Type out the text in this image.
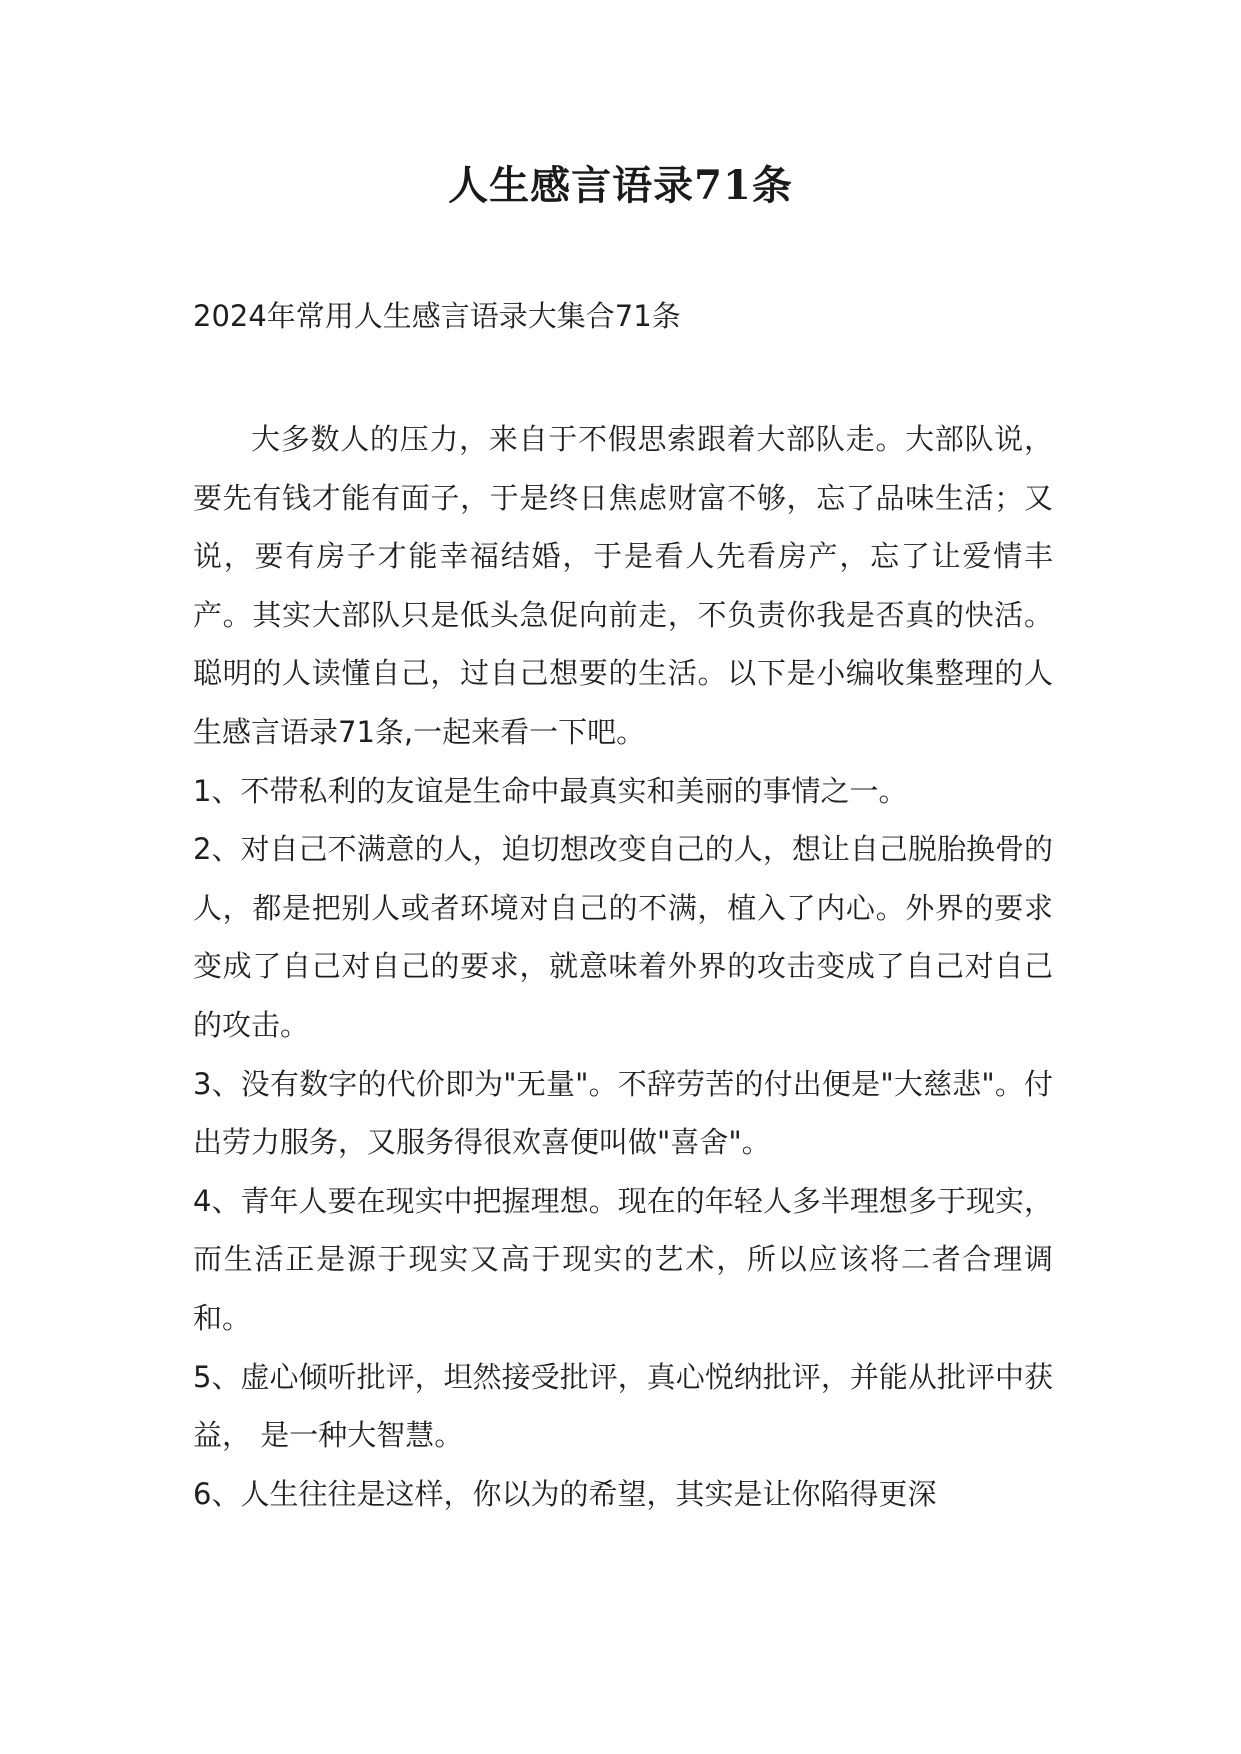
人生感言语录71条

2024年常用人生感言语录大集合71条

大多数人的压力，来自于不假思索跟着大部队走。大部队说，要先有钱才能有面子，于是终日焦虑财富不够，忘了品味生活；又说，要有房子才能幸福结婚，于是看人先看房产，忘了让爱情丰产。其实大部队只是低头急促向前走，不负责你我是否真的快活。聪明的人读懂自己，过自己想要的生活。以下是小编收集整理的人生感言语录71条,一起来看一下吧。

1、不带私利的友谊是生命中最真实和美丽的事情之一。

2、对自己不满意的人，迫切想改变自己的人，想让自己脱胎换骨的人，都是把别人或者环境对自己的不满，植入了内心。外界的要求变成了自己对自己的要求，就意味着外界的攻击变成了自己对自己的攻击。

3、没有数字的代价即为"无量"。不辞劳苦的付出便是"大慈悲"。付出劳力服务，又服务得很欢喜便叫做"喜舍"。

4、青年人要在现实中把握理想。现在的年轻人多半理想多于现实，而生活正是源于现实又高于现实的艺术，所以应该将二者合理调和。

5、虚心倾听批评，坦然接受批评，真心悦纳批评，并能从批评中获益， 是一种大智慧。

6、人生往往是这样，你以为的希望，其实是让你陷得更深
